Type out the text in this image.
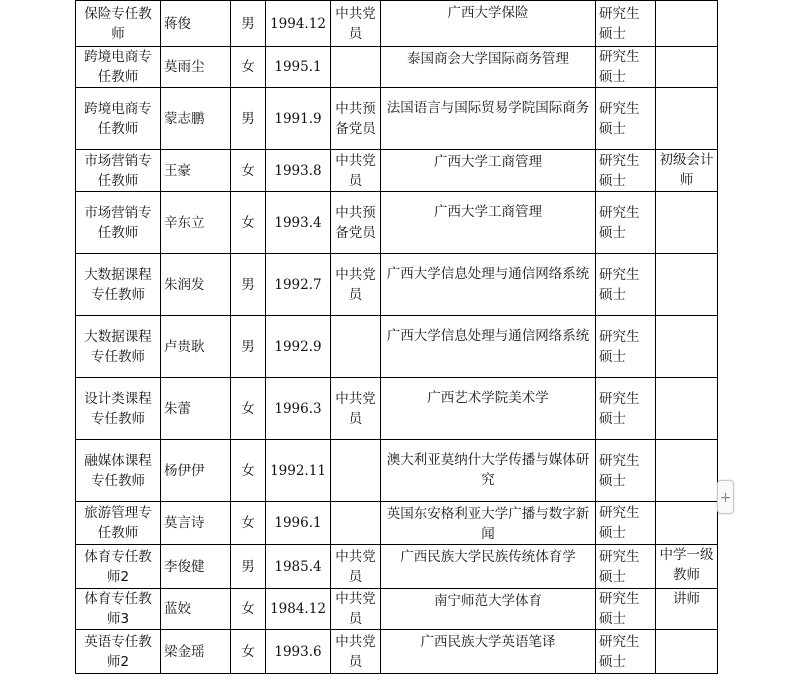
保险专任教师	蒋俊	男	1994.12	中共党员	广西大学保险	研究生硕士	
跨境电商专任教师	莫雨尘	女	1995.1		泰国商会大学国际商务管理	研究生硕士	
跨境电商专任教师	蒙志鹏	男	1991.9	中共预备党员	法国语言与国际贸易学院国际商务	研究生硕士	
市场营销专任教师	王豪	女	1993.8	中共党员	广西大学工商管理	研究生硕士	初级会计师
市场营销专任教师	辛东立	女	1993.4	中共预备党员	广西大学工商管理	研究生硕士	
大数据课程专任教师	朱润发	男	1992.7	中共党员	广西大学信息处理与通信网络系统	研究生硕士	
大数据课程专任教师	卢贵耿	男	1992.9		广西大学信息处理与通信网络系统	研究生硕士	
设计类课程专任教师	朱蕾	女	1996.3	中共党员	广西艺术学院美术学	研究生硕士	
融媒体课程专任教师	杨伊伊	女	1992.11		澳大利亚莫纳什大学传播与媒体研究	研究生硕士	
旅游管理专任教师	莫言诗	女	1996.1		英国东安格利亚大学广播与数字新闻	研究生硕士	
体育专任教师2	李俊健	男	1985.4	中共党员	广西民族大学民族传统体育学	研究生硕士	中学一级教师
体育专任教师3	蓝姣	女	1984.12	中共党员	南宁师范大学体育	研究生硕士	讲师
英语专任教师2	梁金瑶	女	1993.6	中共党员	广西民族大学英语笔译	研究生硕士	
+
